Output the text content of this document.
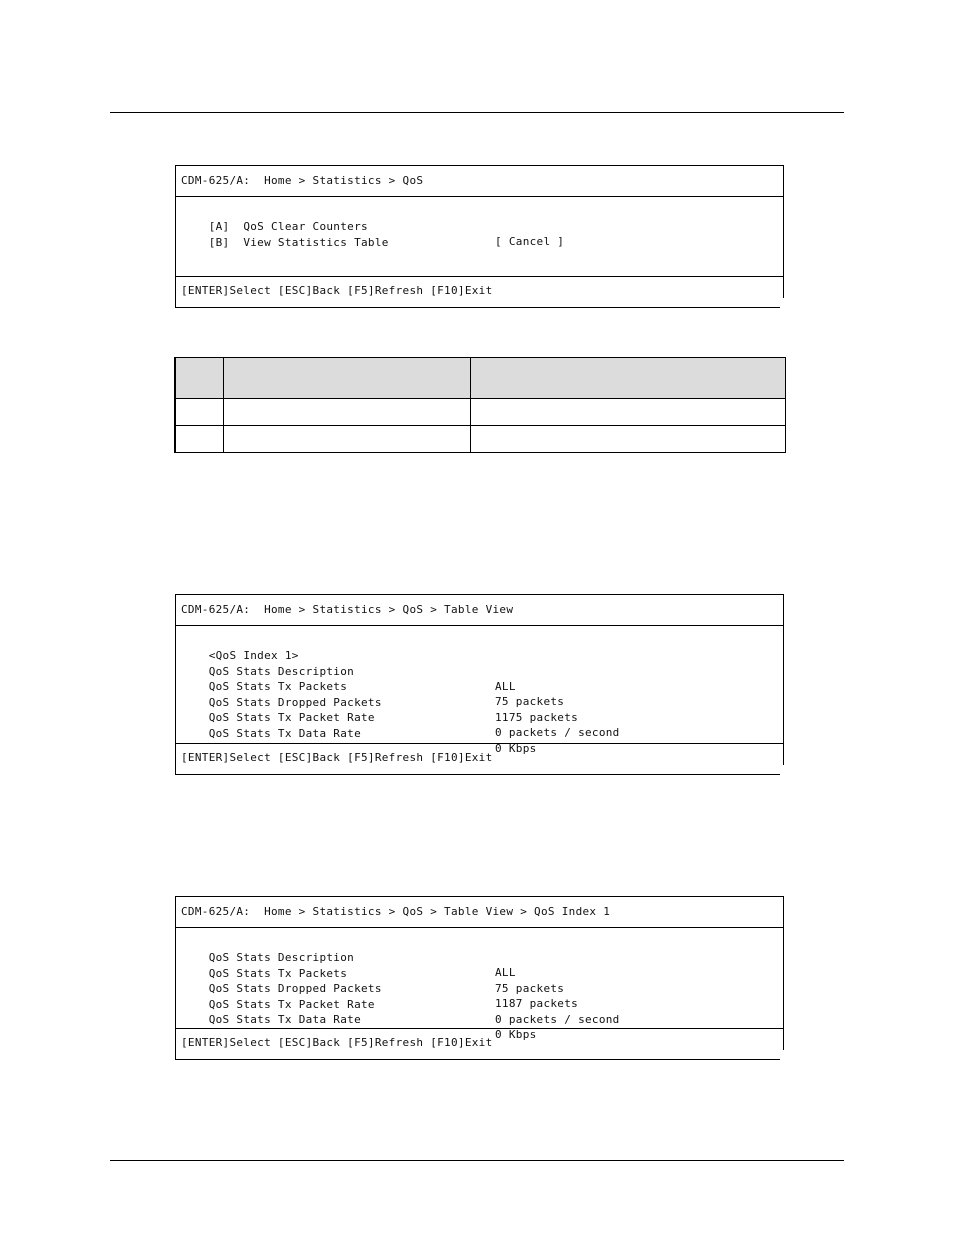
CDM-625/A:  Home > Statistics > QoS

[A]  QoS Clear Counters

[ Cancel ]

[B]  View Statistics Table

[ENTER]Select [ESC]Back [F5]Refresh [F10]Exit

CDM-625/A:  Home > Statistics > QoS > Table View

<QoS Index 1>

QoS Stats Description

ALL

QoS Stats Tx Packets

75 packets

QoS Stats Dropped Packets

1175 packets

QoS Stats Tx Packet Rate

0 packets / second

QoS Stats Tx Data Rate

0 Kbps

[ENTER]Select [ESC]Back [F5]Refresh [F10]Exit
CDM-625/A:  Home > Statistics > QoS > Table View > QoS Index 1

QoS Stats Description

ALL

QoS Stats Tx Packets

75 packets

QoS Stats Dropped Packets

1187 packets

QoS Stats Tx Packet Rate

0 packets / second

QoS Stats Tx Data Rate

0 Kbps

[ENTER]Select [ESC]Back [F5]Refresh [F10]Exit
